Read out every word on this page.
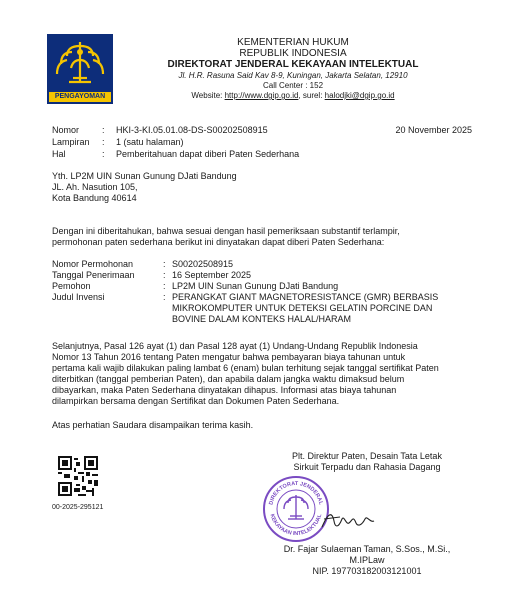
PENGAYOMAN
KEMENTERIAN HUKUM
REPUBLIK INDONESIA
DIREKTORAT JENDERAL KEKAYAAN INTELEKTUAL
Jl. H.R. Rasuna Said Kav 8-9, Kuningan, Jakarta Selatan, 12910
Call Center : 152
Website: http://www.dgip.go.id, surel: halodjki@dgip.go.id
Nomor	: HKI-3-KI.05.01.08-DS-S00202508915	20 November 2025
Lampiran : 1 (satu halaman)
Hal	: Pemberitahuan dapat diberi Paten Sederhana
Yth. LP2M UIN Sunan Gunung DJati Bandung
JL. Ah. Nasution 105,
Kota Bandung 40614
Dengan ini diberitahukan, bahwa sesuai dengan hasil pemeriksaan substantif terlampir,
permohonan paten sederhana berikut ini dinyatakan dapat diberi Paten Sederhana:
Nomor Permohonan	: S00202508915
Tanggal Penerimaan	: 16 September 2025
Pemohon	: LP2M UIN Sunan Gunung DJati Bandung
Judul Invensi	: PERANGKAT GIANT MAGNETORESISTANCE (GMR) BERBASIS
MIKROKOMPUTER UNTUK DETEKSI GELATIN PORCINE DAN
BOVINE DALAM KONTEKS HALAL/HARAM
Selanjutnya, Pasal 126 ayat (1) dan Pasal 128 ayat (1) Undang-Undang Republik Indonesia
Nomor 13 Tahun 2016 tentang Paten mengatur bahwa pembayaran biaya tahunan untuk
pertama kali wajib dilakukan paling lambat 6 (enam) bulan terhitung sejak tanggal sertifikat Paten
diterbitkan (tanggal pemberian Paten), dan apabila dalam jangka waktu dimaksud belum
dibayarkan, maka Paten Sederhana dinyatakan dihapus. Informasi atas biaya tahunan
dilampirkan bersama dengan Sertifikat dan Dokumen Paten Sederhana.
Atas perhatian Saudara disampaikan terima kasih.
00-2025-295121
Plt. Direktur Paten, Desain Tata Letak
Sirkuit Terpadu dan Rahasia Dagang
DIREKTORAT JENDERAL
KEKAYAAN INTELEKTUAL
Dr. Fajar Sulaeman Taman, S.Sos., M.Si.,
M.IPLaw
NIP. 197703182003121001
